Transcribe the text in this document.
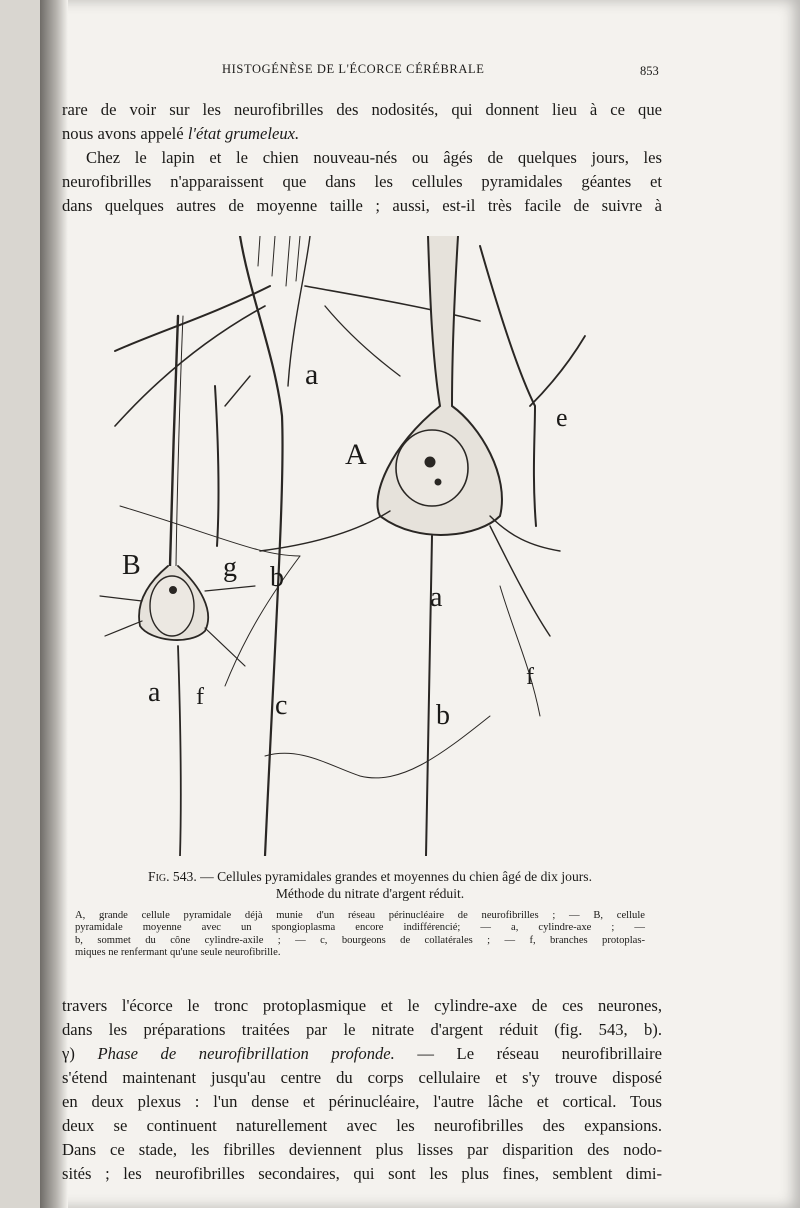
HISTOGÉNÈSE DE L'ÉCORCE CÉRÉBRALE	853
rare de voir sur les neurofibrilles des nodosités, qui donnent lieu à ce que
nous avons appelé l'état grumeleux.
Chez le lapin et le chien nouveau-nés ou âgés de quelques jours, les
neurofibrilles n'apparaissent que dans les cellules pyramidales géantes et
dans quelques autres de moyenne taille ; aussi, est-il très facile de suivre à
a
A
e
B	g b
a
f
a f	c	b
Fig. 543. — Cellules pyramidales grandes et moyennes du chien âgé de dix jours.
Méthode du nitrate d'argent réduit.
A, grande cellule pyramidale déjà munie d'un réseau périnucléaire de neurofibrilles ; — B, cellule
pyramidale moyenne avec un spongioplasma encore indifférencié; — a, cylindre-axe ; —
b, sommet du cône cylindre-axile ; — c, bourgeons de collatérales ; — f, branches protoplas-
miques ne renfermant qu'une seule neurofibrille.
travers l'écorce le tronc protoplasmique et le cylindre-axe de ces neurones,
dans les préparations traitées par le nitrate d'argent réduit (fig. 543, b).
γ) Phase de neurofibrillation profonde. — Le réseau neurofibrillaire
s'étend maintenant jusqu'au centre du corps cellulaire et s'y trouve disposé
en deux plexus : l'un dense et périnucléaire, l'autre lâche et cortical. Tous
deux se continuent naturellement avec les neurofibrilles des expansions.
Dans ce stade, les fibrilles deviennent plus lisses par disparition des nodo-
sités ; les neurofibrilles secondaires, qui sont les plus fines, semblent dimi-
